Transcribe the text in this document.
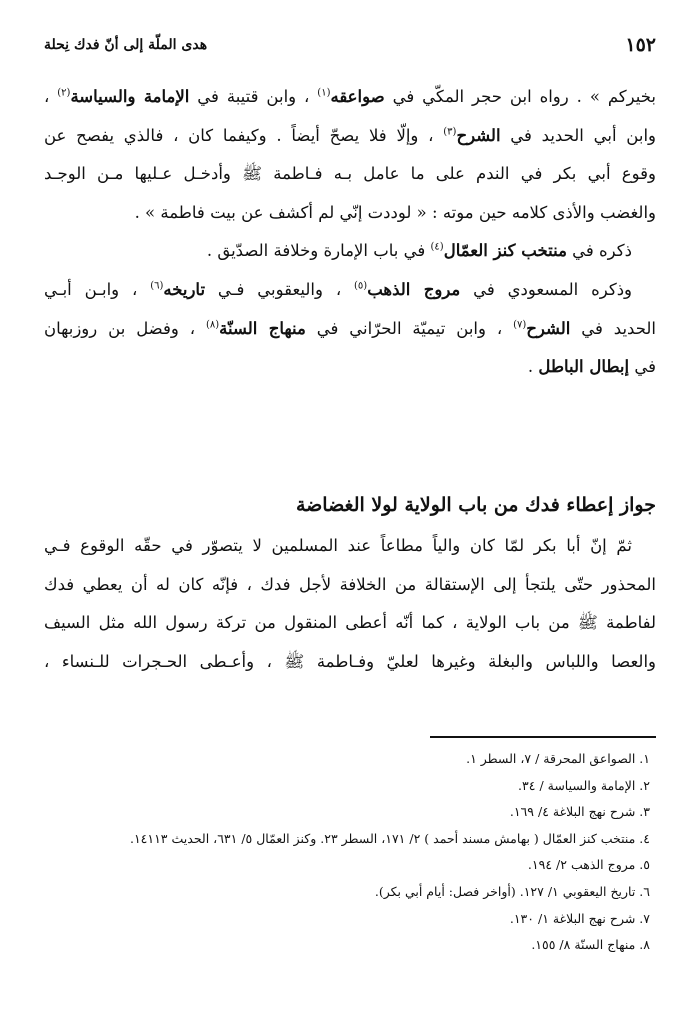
١٥٢
هدى الملّة إلى أنّ فدك نِحلة
بخيركم » . رواه ابن حجر المكّي في صواعقه$^{(١)}$ ، وابن قتيبة في الإمامة والسياسة$^{(٢)}$ ،
وابن أبي الحديد في الشرح$^{(٣)}$ ، وإلّا فلا يصحّ أيضاً . وكيفما كان ، فالذي يفصح عن
وقوع أبي بكر في الندم على ما عامل بـه فـاطمة ﷺ وأدخـل عـليها مـن الوجـد
والغضب والأذى كلامه حين موته : « لوددت إنّي لم أكشف عن بيت فاطمة » .
ذكره في منتخب كنز العمّال$^{(٤)}$ في باب الإمارة وخلافة الصدّيق .
وذكره المسعودي في مروج الذهب$^{(٥)}$ ، واليعقوبي فـي تاريخه$^{(٦)}$ ، وابـن أبـي
الحديد في الشرح$^{(٧)}$ ، وابن تيميّة الحرّاني في منهاج السنّة$^{(٨)}$ ، وفضل بن روزبهان
في إبطال الباطل .
جواز إعطاء فدك من باب الولاية لولا الغضاضة
ثمّ إنّ أبا بكر لمّا كان والياً مطاعاً عند المسلمين لا يتصوّر في حقّه الوقوع فـي
المحذور حتّى يلتجأ إلى الإستقالة من الخلافة لأجل فدك ، فإنّه كان له أن يعطي فدك
لفاطمة ﷺ من باب الولاية ، كما أنّه أعطى المنقول من تركة رسول الله مثل السيف
والعصا واللباس والبغلة وغيرها لعليّ وفـاطمة ﷺ ، وأعـطى الحـجرات للـنساء ،
١. الصواعق المحرقة / ٧، السطر ١.
٢. الإمامة والسياسة / ٣٤.
٣. شرح نهج البلاغة ٤/ ١٦٩.
٤. منتخب كنز العمّال ( بهامش مسند أحمد ) ٢/ ١٧١، السطر ٢٣. وكنز العمّال ٥/ ٦٣١، الحديث ١٤١١٣.
٥. مروج الذهب ٢/ ١٩٤.
٦. تاريخ اليعقوبي ١/ ١٢٧. (أواخر فصل: أيام أبي بكر).
٧. شرح نهج البلاغة ١/ ١٣٠.
٨. منهاج السنّة ٨/ ١٥٥.
